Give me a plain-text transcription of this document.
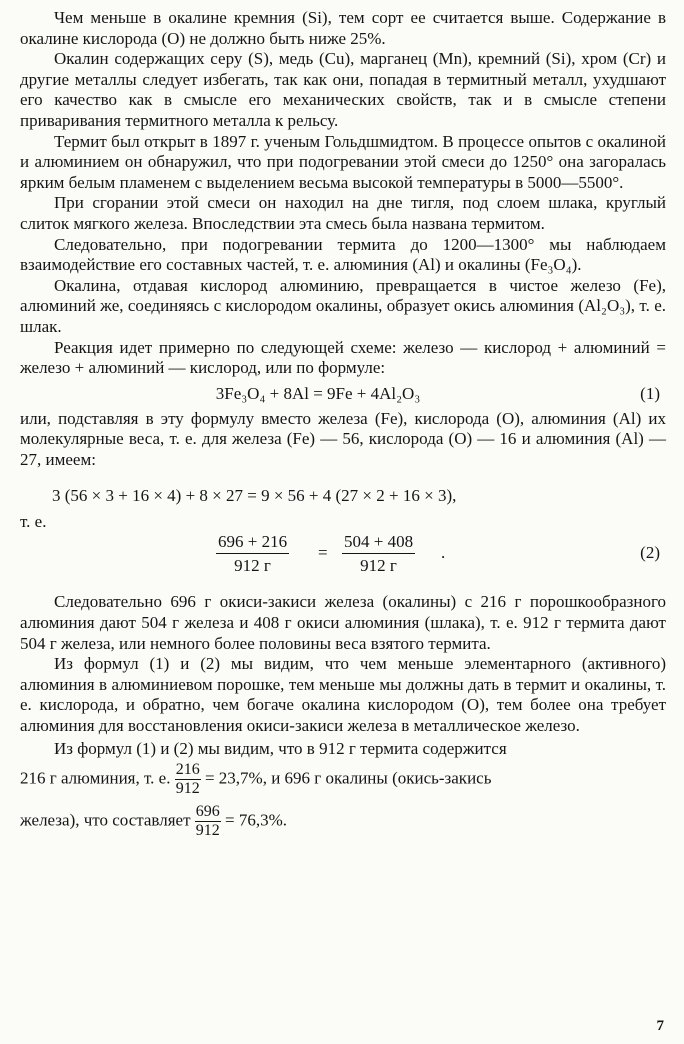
Чем меньше в окалине кремния (Si), тем сорт ее считается выше. Содержание в окалине кислорода (О) не должно быть ниже 25%.

Окалин содержащих серу (S), медь (Cu), марганец (Mn), кремний (Si), хром (Cr) и другие металлы следует избегать, так как они, попадая в термитный металл, ухудшают его качество как в смысле его механических свойств, так и в смысле степени приваривания термитного металла к рельсу.

Термит был открыт в 1897 г. ученым Гольдшмидтом. В процессе опытов с окалиной и алюминием он обнаружил, что при подогревании этой смеси до 1250° она загоралась ярким белым пламенем с выделением весьма высокой температуры в 5000—5500°.

При сгорании этой смеси он находил на дне тигля, под слоем шлака, круглый слиток мягкого железа. Впоследствии эта смесь была названа термитом.

Следовательно, при подогревании термита до 1200—1300° мы наблюдаем взаимодействие его составных частей, т. е. алюминия (Al) и окалины (Fe₃O₄).

Окалина, отдавая кислород алюминию, превращается в чистое железо (Fe), алюминий же, соединяясь с кислородом окалины, образует окись алюминия (Al₂O₃), т. е. шлак.

Реакция идет примерно по следующей схеме: железо — кислород + алюминий = железо + алюминий — кислород, или по формуле:

3Fe₃O₄ + 8Al = 9Fe + 4Al₂O₃	(1)

или, подставляя в эту формулу вместо железа (Fe), кислорода (О), алюминия (Al) их молекулярные веса, т. е. для железа (Fe) — 56, кислорода (О) — 16 и алюминия (Al) — 27, имеем:

3 (56 × 3 + 16 × 4) + 8 × 27 = 9 × 56 + 4 (27 × 2 + 16 × 3),
т. е.
696 + 216
912 г
=
504 + 408
912 г
.	(2)

Следовательно 696 г окиси-закиси железа (окалины) с 216 г порошкообразного алюминия дают 504 г железа и 408 г окиси алюминия (шлака), т. е. 912 г термита дают 504 г железа, или немного более половины веса взятого термита.

Из формул (1) и (2) мы видим, что чем меньше элементарного (активного) алюминия в алюминиевом порошке, тем меньше мы должны дать в термит и окалины, т. е. кислорода, и обратно, чем богаче окалина кислородом (О), тем более она требует алюминия для восстановления окиси-закиси железа в металлическое железо.

Из формул (1) и (2) мы видим, что в 912 г термита содержится

216 г алюминия, т. е. $\frac{216}{912} = 23,7\%$, и 696 г окалины (окись-закись
железа), что составляет $\frac{696}{912} = 76,3\%$.
7
